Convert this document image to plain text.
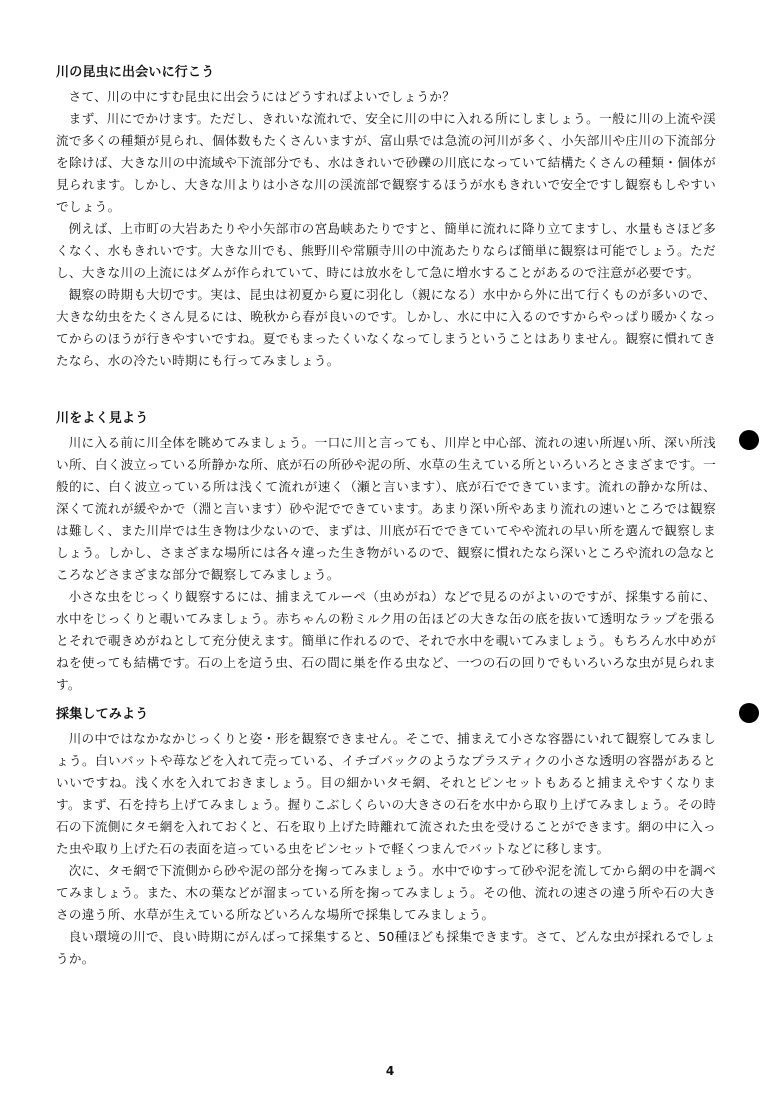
川の昆虫に出会いに行こう

さて、川の中にすむ昆虫に出会うにはどうすればよいでしょうか？

まず、川にでかけます。ただし、きれいな流れで、安全に川の中に入れる所にしましょう。一般に川の上流や渓流で多くの種類が見られ、個体数もたくさんいますが、富山県では急流の河川が多く、小矢部川や庄川の下流部分を除けば、大きな川の中流域や下流部分でも、水はきれいで砂礫の川底になっていて結構たくさんの種類・個体が見られます。しかし、大きな川よりは小さな川の渓流部で観察するほうが水もきれいで安全ですし観察もしやすいでしょう。

例えば、上市町の大岩あたりや小矢部市の宮島峡あたりですと、簡単に流れに降り立てますし、水量もさほど多くなく、水もきれいです。大きな川でも、熊野川や常願寺川の中流あたりならば簡単に観察は可能でしょう。ただし、大きな川の上流にはダムが作られていて、時には放水をして急に増水することがあるので注意が必要です。

観察の時期も大切です。実は、昆虫は初夏から夏に羽化し（親になる）水中から外に出て行くものが多いので、大きな幼虫をたくさん見るには、晩秋から春が良いのです。しかし、水に中に入るのですからやっぱり暖かくなってからのほうが行きやすいですね。夏でもまったくいなくなってしまうということはありません。観察に慣れてきたなら、水の冷たい時期にも行ってみましょう。

川をよく見よう

川に入る前に川全体を眺めてみましょう。一口に川と言っても、川岸と中心部、流れの速い所遅い所、深い所浅い所、白く波立っている所静かな所、底が石の所砂や泥の所、水草の生えている所といろいろとさまざまです。一般的に、白く波立っている所は浅くて流れが速く（瀬と言います）、底が石でできています。流れの静かな所は、深くて流れが緩やかで（淵と言います）砂や泥でできています。あまり深い所やあまり流れの速いところでは観察は難しく、また川岸では生き物は少ないので、まずは、川底が石でできていてやや流れの早い所を選んで観察しましょう。しかし、さまざまな場所には各々違った生き物がいるので、観察に慣れたなら深いところや流れの急なところなどさまざまな部分で観察してみましょう。

小さな虫をじっくり観察するには、捕まえてルーペ（虫めがね）などで見るのがよいのですが、採集する前に、水中をじっくりと覗いてみましょう。赤ちゃんの粉ミルク用の缶ほどの大きな缶の底を抜いて透明なラップを張るとそれで覗きめがねとして充分使えます。簡単に作れるので、それで水中を覗いてみましょう。もちろん水中めがねを使っても結構です。石の上を這う虫、石の間に巣を作る虫など、一つの石の回りでもいろいろな虫が見られます。

採集してみよう

川の中ではなかなかじっくりと姿・形を観察できません。そこで、捕まえて小さな容器にいれて観察してみましょう。白いバットや苺などを入れて売っている、イチゴパックのようなプラスティクの小さな透明の容器があるといいですね。浅く水を入れておきましょう。目の細かいタモ網、それとピンセットもあると捕まえやすくなります。まず、石を持ち上げてみましょう。握りこぶしくらいの大きさの石を水中から取り上げてみましょう。その時石の下流側にタモ網を入れておくと、石を取り上げた時離れて流された虫を受けることができます。網の中に入った虫や取り上げた石の表面を這っている虫をピンセットで軽くつまんでバットなどに移します。

次に、タモ網で下流側から砂や泥の部分を掬ってみましょう。水中でゆすって砂や泥を流してから網の中を調べてみましょう。また、木の葉などが溜まっている所を掬ってみましょう。その他、流れの速さの違う所や石の大きさの違う所、水草が生えている所などいろんな場所で採集してみましょう。

良い環境の川で、良い時期にがんばって採集すると、50種ほども採集できます。さて、どんな虫が採れるでしょうか。

4
